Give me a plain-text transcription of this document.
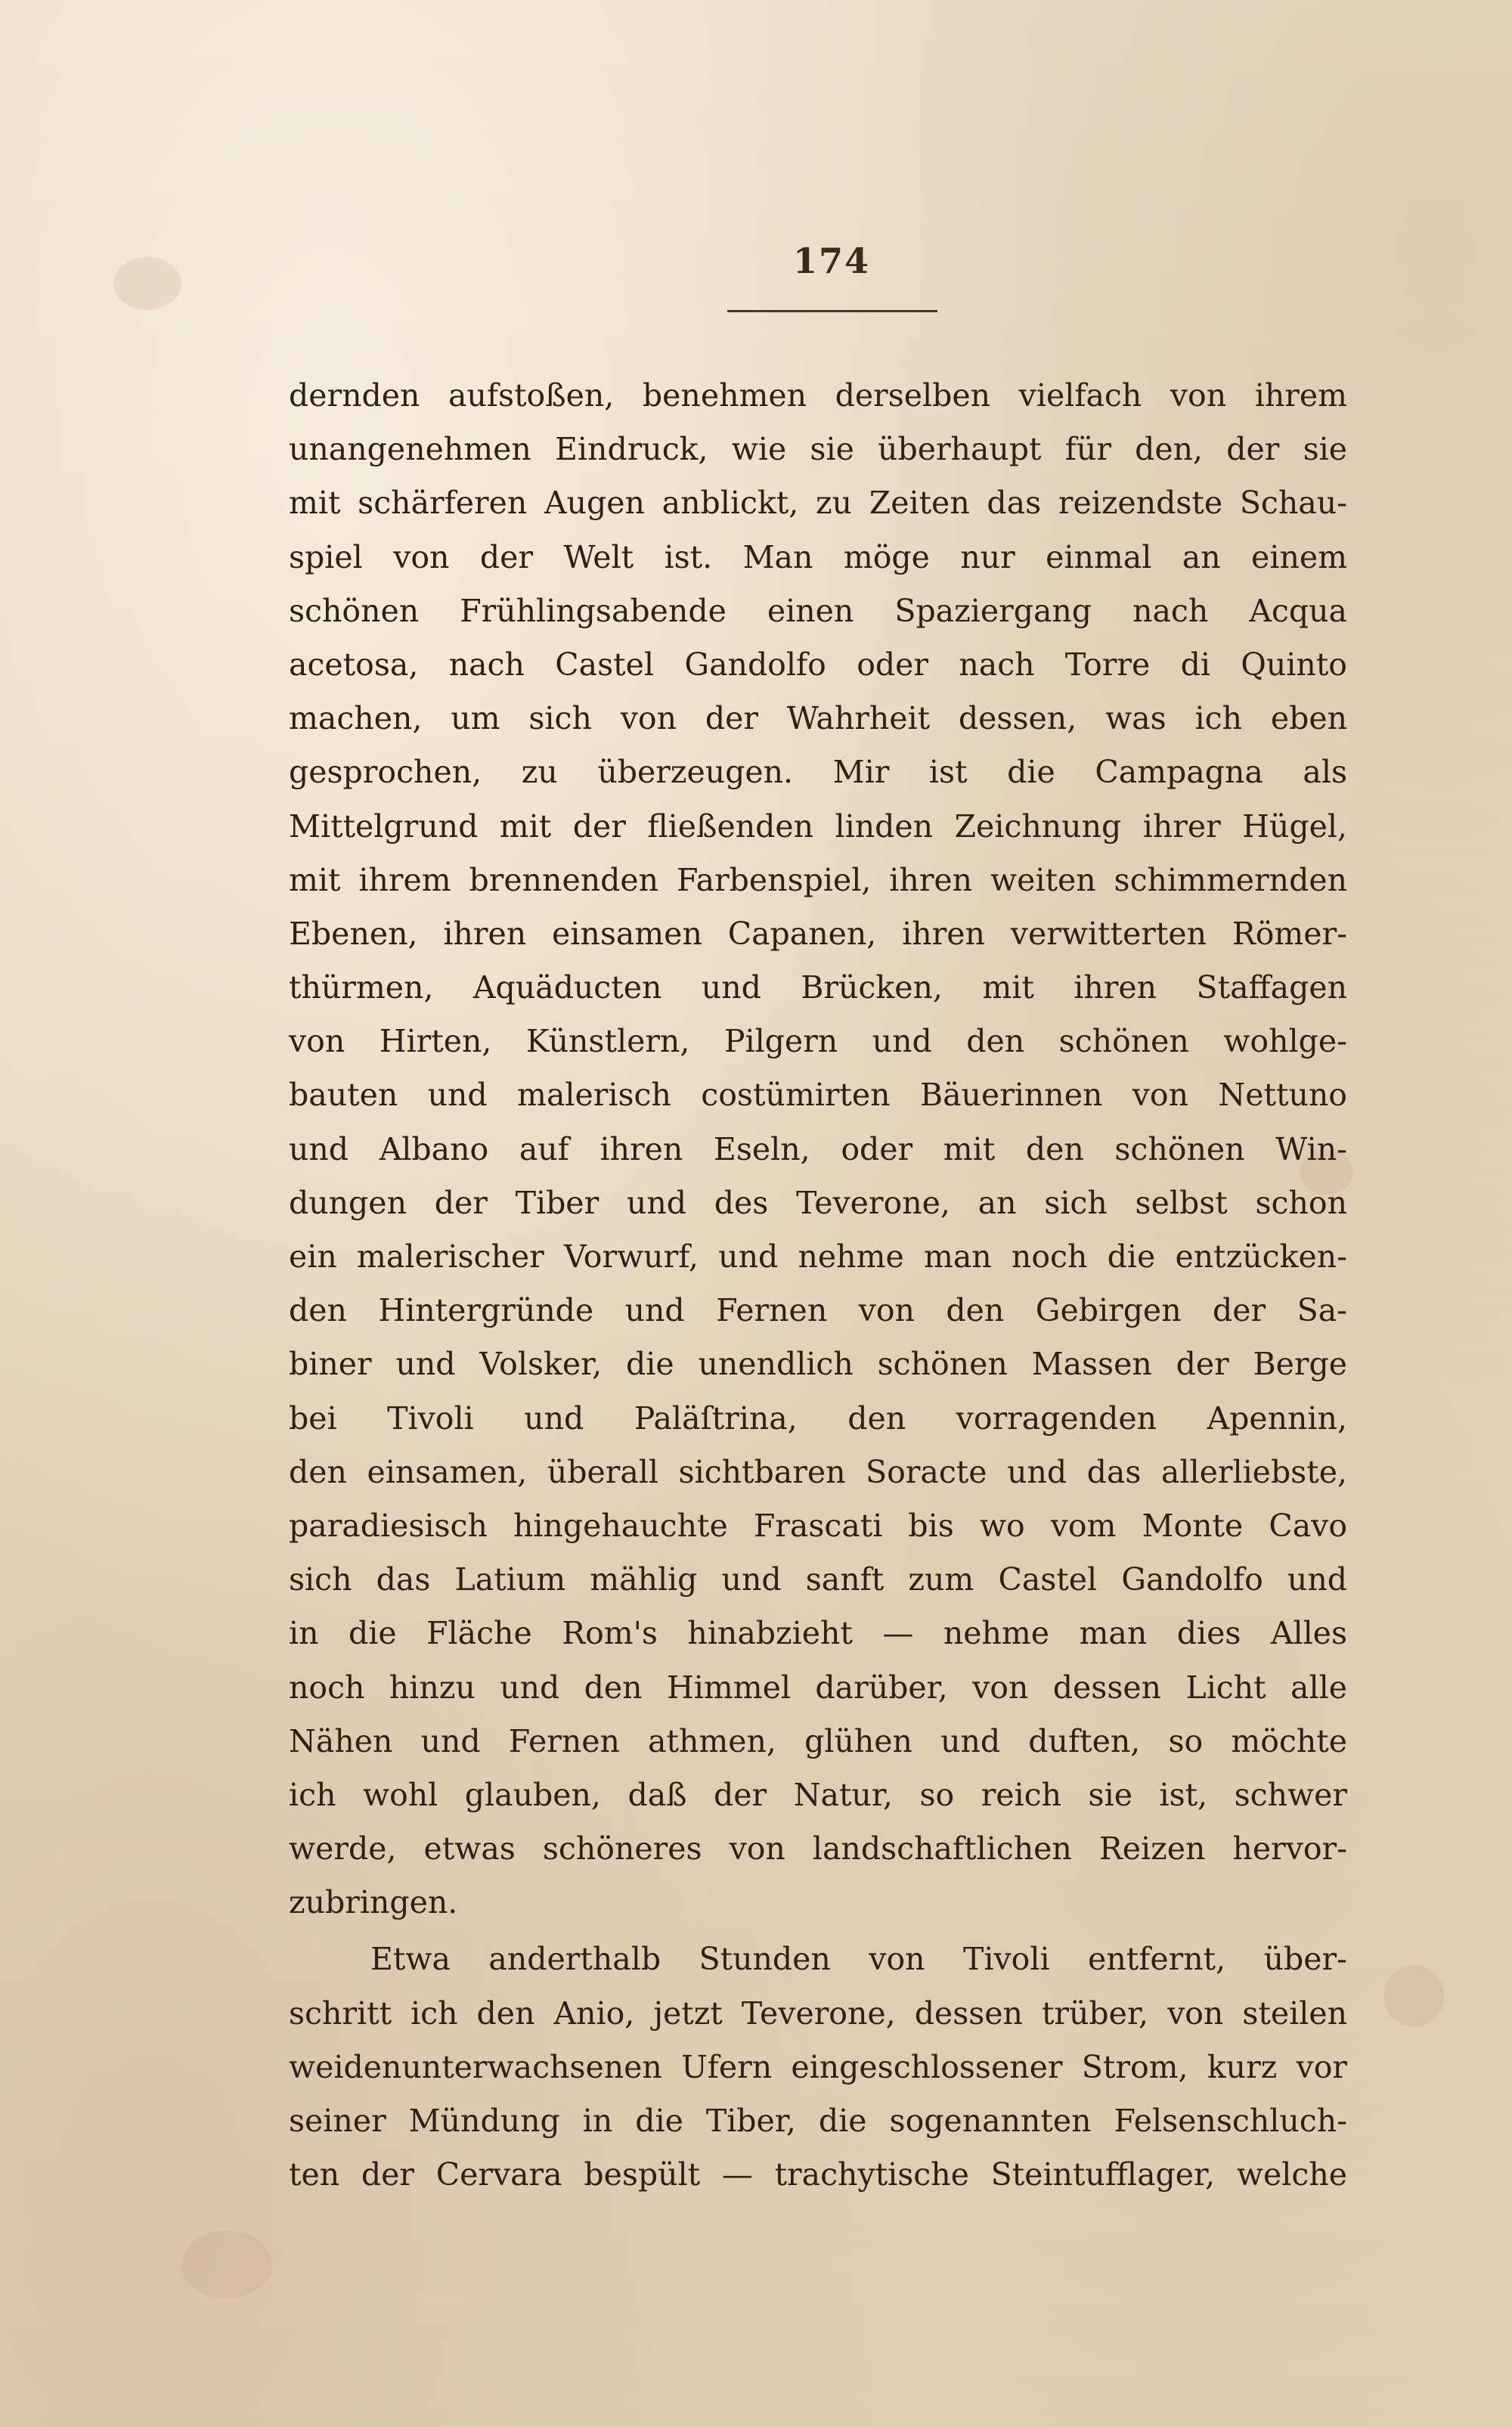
174
dernden aufstoßen, benehmen derselben vielfach von ihrem
unangenehmen Eindruck, wie sie überhaupt für den, der sie
mit schärferen Augen anblickt, zu Zeiten das reizendste Schau-
spiel von der Welt ist. Man möge nur einmal an einem
schönen Frühlingsabende einen Spaziergang nach Acqua
acetosa, nach Castel Gandolfo oder nach Torre di Quinto
machen, um sich von der Wahrheit dessen, was ich eben
gesprochen, zu überzeugen. Mir ist die Campagna als
Mittelgrund mit der fließenden linden Zeichnung ihrer Hügel,
mit ihrem brennenden Farbenspiel, ihren weiten schimmernden
Ebenen, ihren einsamen Capanen, ihren verwitterten Römer-
thürmen, Aquäducten und Brücken, mit ihren Staffagen
von Hirten, Künstlern, Pilgern und den schönen wohlge-
bauten und malerisch costümirten Bäuerinnen von Nettuno
und Albano auf ihren Eseln, oder mit den schönen Win-
dungen der Tiber und des Teverone, an sich selbst schon
ein malerischer Vorwurf, und nehme man noch die entzücken-
den Hintergründe und Fernen von den Gebirgen der Sa-
biner und Volsker, die unendlich schönen Massen der Berge
bei Tivoli und Paläſtrina, den vorragenden Apennin,
den einsamen, überall sichtbaren Soracte und das allerliebste,
paradiesisch hingehauchte Frascati bis wo vom Monte Cavo
sich das Latium mählig und sanft zum Castel Gandolfo und
in die Fläche Rom's hinabzieht — nehme man dies Alles
noch hinzu und den Himmel darüber, von dessen Licht alle
Nähen und Fernen athmen, glühen und duften, so möchte
ich wohl glauben, daß der Natur, so reich sie ist, schwer
werde, etwas schöneres von landschaftlichen Reizen hervor-
zubringen.
Etwa anderthalb Stunden von Tivoli entfernt, über-
schritt ich den Anio, jetzt Teverone, dessen trüber, von steilen
weidenunterwachsenen Ufern eingeschlossener Strom, kurz vor
seiner Mündung in die Tiber, die sogenannten Felsenschluch-
ten der Cervara bespült — trachytische Steintufflager, welche
